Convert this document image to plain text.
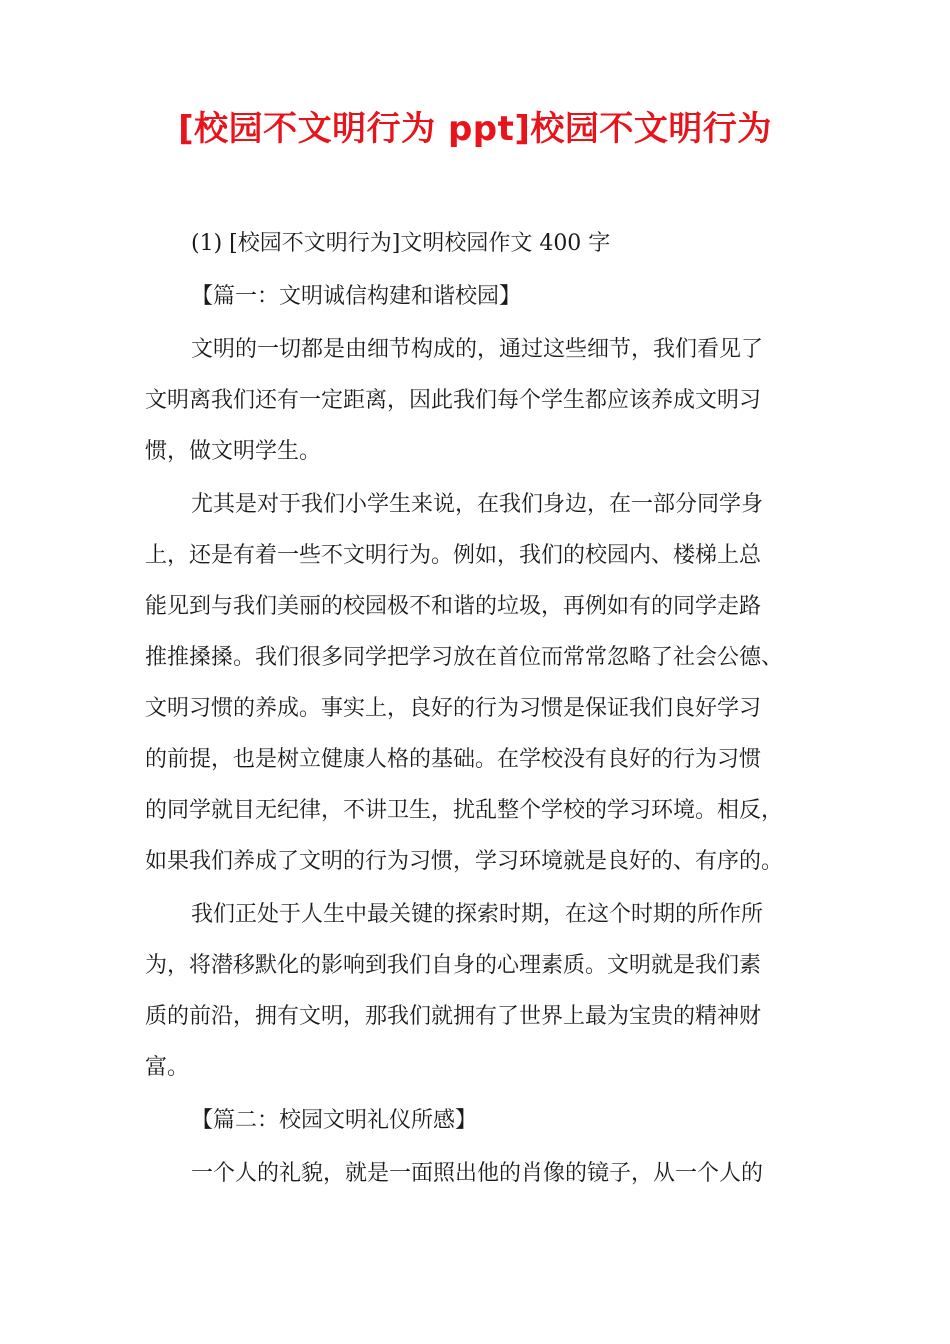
[校园不文明行为 ppt]校园不文明行为

(1) [校园不文明行为]文明校园作文 400 字

【篇一：文明诚信构建和谐校园】

文明的一切都是由细节构成的，通过这些细节，我们看见了
文明离我们还有一定距离，因此我们每个学生都应该养成文明习
惯，做文明学生。

尤其是对于我们小学生来说，在我们身边，在一部分同学身
上，还是有着一些不文明行为。例如，我们的校园内、楼梯上总
能见到与我们美丽的校园极不和谐的垃圾，再例如有的同学走路
推推搡搡。我们很多同学把学习放在首位而常常忽略了社会公德、
文明习惯的养成。事实上，良好的行为习惯是保证我们良好学习
的前提，也是树立健康人格的基础。在学校没有良好的行为习惯
的同学就目无纪律，不讲卫生，扰乱整个学校的学习环境。相反，
如果我们养成了文明的行为习惯，学习环境就是良好的、有序的。

我们正处于人生中最关键的探索时期，在这个时期的所作所
为，将潜移默化的影响到我们自身的心理素质。文明就是我们素
质的前沿，拥有文明，那我们就拥有了世界上最为宝贵的精神财
富。

【篇二：校园文明礼仪所感】

一个人的礼貌，就是一面照出他的肖像的镜子，从一个人的
